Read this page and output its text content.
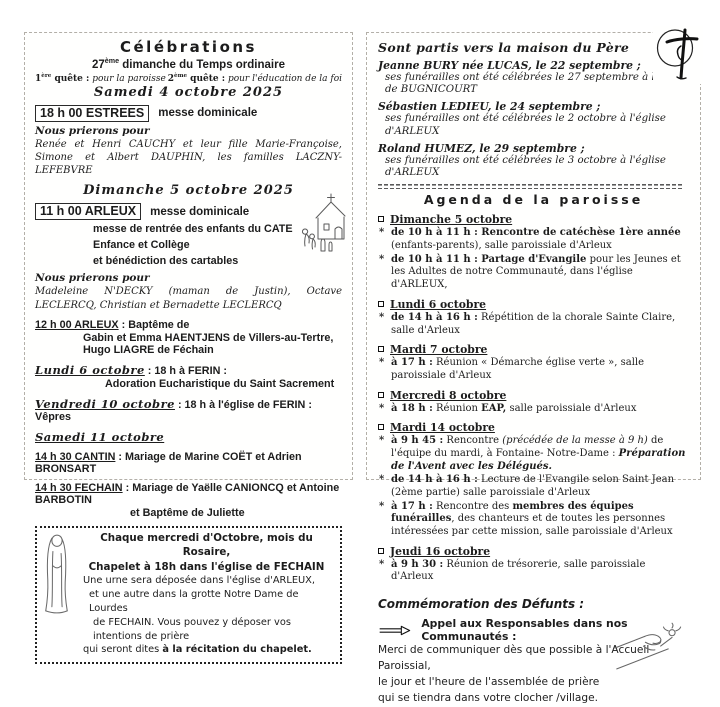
Célébrations
27ème dimanche du Temps ordinaire
1ère quête : pour la paroisse 2ème quête : pour l'éducation de la foi
Samedi 4 octobre 2025
18 h 00 ESTREES	messe dominicale
Nous prierons pour
Renée et Henri CAUCHY et leur fille Marie-Françoise, Simone et Albert DAUPHIN, les familles LACZNY-LEFEBVRE
Dimanche 5 octobre 2025
11 h 00 ARLEUX	messe dominicale
messe de rentrée des enfants du CATE Enfance et Collège
et bénédiction des cartables
Nous prierons pour
Madeleine N'DECKY (maman de Justin), Octave LECLERCQ, Christian et Bernadette LECLERCQ
12 h 00 ARLEUX : Baptême de
Gabin et Emma HAENTJENS de Villers-au-Tertre, Hugo LIAGRE de Féchain
Lundi 6 octobre : 18 h à FERIN :
Adoration Eucharistique du Saint Sacrement
Vendredi 10 octobre : 18 h à l'église de FERIN : Vêpres
Samedi 11 octobre
14 h 30 CANTIN : Mariage de Marine COËT et Adrien BRONSART
14 h 30 FECHAIN : Mariage de Yaëlle CANIONCQ et Antoine BARBOTIN
et Baptême de Juliette
Chaque mercredi d'Octobre, mois du Rosaire,
Chapelet à 18h dans l'église de FECHAIN
Une urne sera déposée dans l'église d'ARLEUX,
et une autre dans la grotte Notre Dame de Lourdes
de FECHAIN. Vous pouvez y déposer vos intentions de prière
qui seront dites à la récitation du chapelet.
Sont partis vers la maison du Père
Jeanne BURY née LUCAS, le 22 septembre ;
ses funérailles ont été célébrées le 27 septembre à l'église de BUGNICOURT
Sébastien LEDIEU, le 24 septembre ;
ses funérailles ont été célébrées le 2 octobre à l'église d'ARLEUX
Roland HUMEZ, le 29 septembre ;
ses funérailles ont été célébrées le 3 octobre à l'église d'ARLEUX
Agenda de la paroisse
Dimanche 5 octobre
* de 10 h à 11 h : Rencontre de catéchèse 1ère année (enfants-parents), salle paroissiale d'Arleux
* de 10 h à 11 h : Partage d'Evangile pour les Jeunes et les Adultes de notre Communauté, dans l'église d'ARLEUX,
Lundi 6 octobre
* de 14 h à 16 h : Répétition de la chorale Sainte Claire, salle d'Arleux
Mardi 7 octobre
* à 17 h : Réunion « Démarche église verte », salle paroissiale d'Arleux
Mercredi 8 octobre
* à 18 h : Réunion EAP, salle paroissiale d'Arleux
Mardi 14 octobre
* à 9 h 45 : Rencontre (précédée de la messe à 9 h) de l'équipe du mardi, à Fontaine- Notre-Dame : Préparation de l'Avent avec les Délégués.
* de 14 h à 16 h : Lecture de l'Evangile selon Saint Jean (2ème partie) salle paroissiale d'Arleux
* à 17 h : Rencontre des membres des équipes funérailles, des chanteurs et de toutes les personnes intéressées par cette mission, salle paroissiale d'Arleux
Jeudi 16 octobre
* à 9 h 30 : Réunion de trésorerie, salle paroissiale d'Arleux
Commémoration des Défunts :
Appel aux Responsables dans nos Communautés :
Merci de communiquer dès que possible à l'Accueil Paroissial,
le jour et l'heure de l'assemblée de prière
qui se tiendra dans votre clocher /village.
